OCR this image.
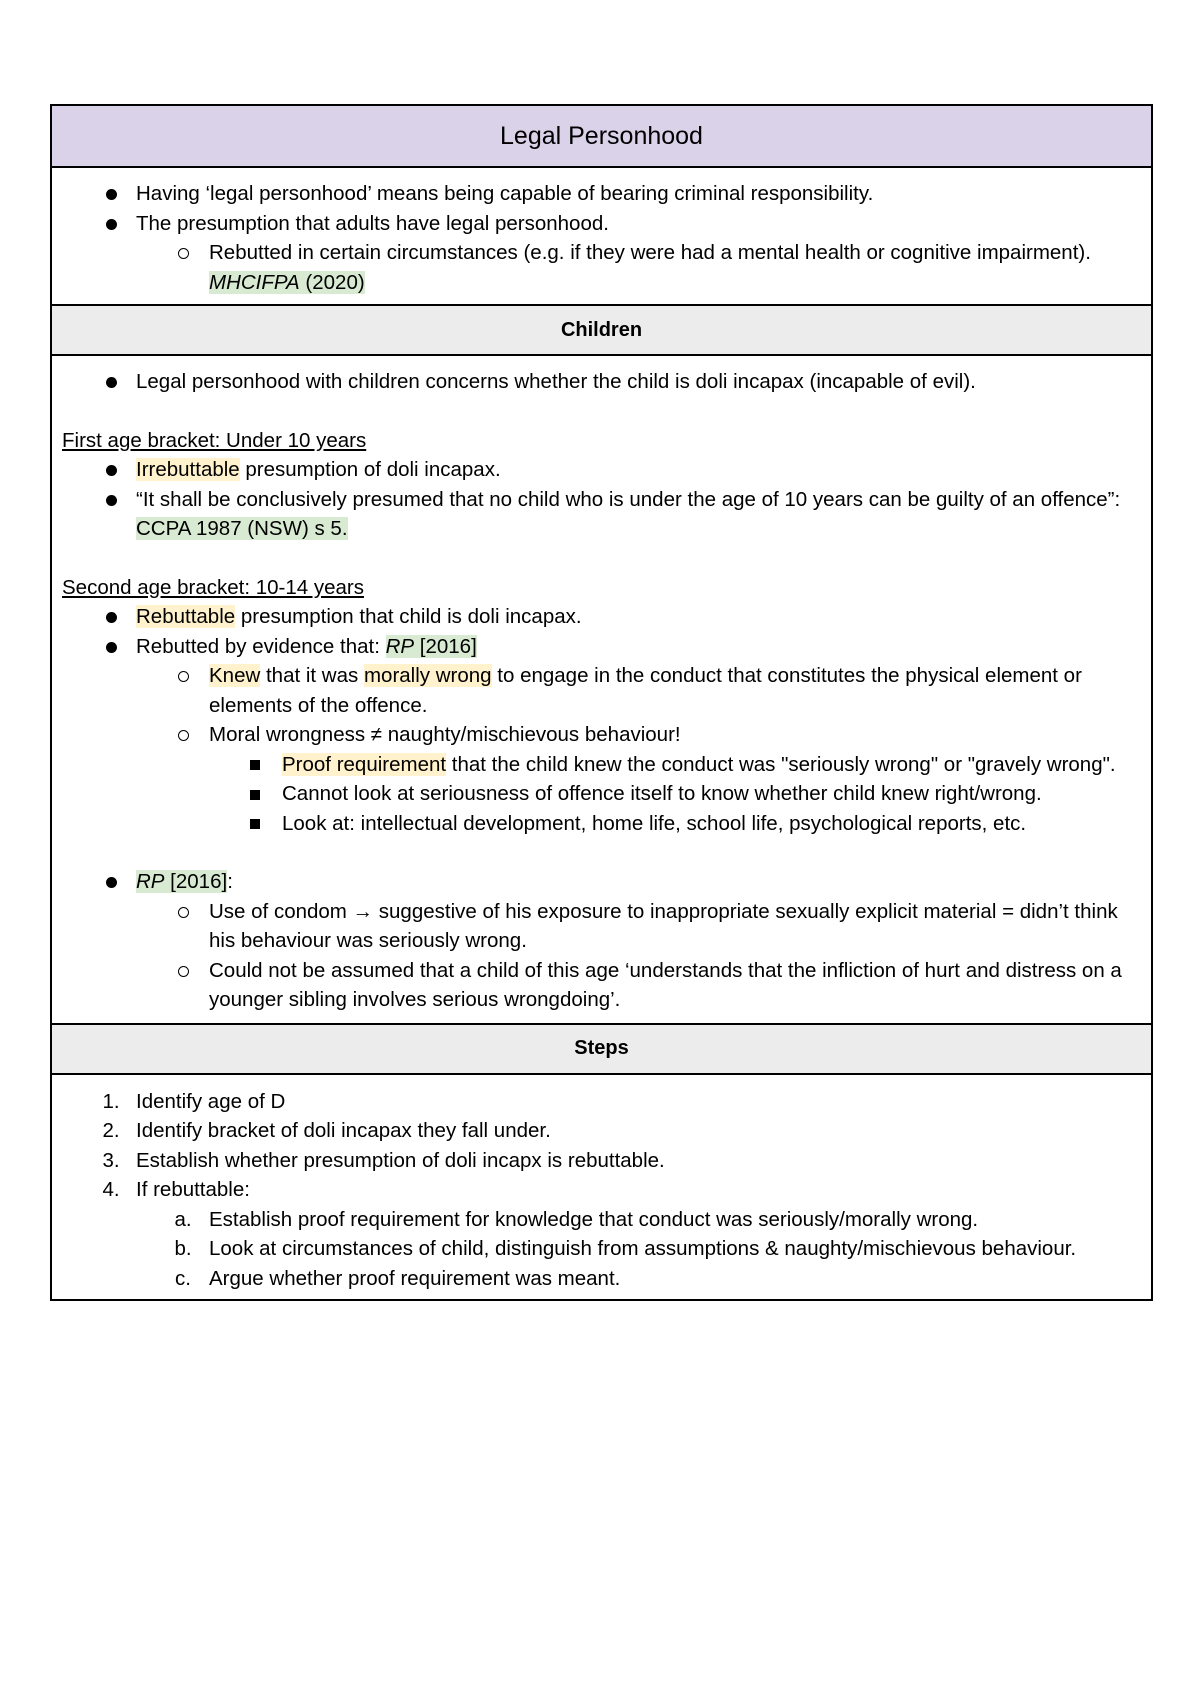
Legal Personhood
Having ‘legal personhood’ means being capable of bearing criminal responsibility.
The presumption that adults have legal personhood.
Rebutted in certain circumstances (e.g. if they were had a mental health or cognitive impairment). MHCIFPA (2020)
Children
Legal personhood with children concerns whether the child is doli incapax (incapable of evil).
First age bracket: Under 10 years
Irrebuttable presumption of doli incapax.
“It shall be conclusively presumed that no child who is under the age of 10 years can be guilty of an offence”: CCPA 1987 (NSW) s 5.
Second age bracket: 10-14 years
Rebuttable presumption that child is doli incapax.
Rebutted by evidence that: RP [2016]
Knew that it was morally wrong to engage in the conduct that constitutes the physical element or elements of the offence.
Moral wrongness ≠ naughty/mischievous behaviour!
Proof requirement that the child knew the conduct was "seriously wrong" or "gravely wrong".
Cannot look at seriousness of offence itself to know whether child knew right/wrong.
Look at: intellectual development, home life, school life, psychological reports, etc.
RP [2016]:
Use of condom → suggestive of his exposure to inappropriate sexually explicit material = didn’t think his behaviour was seriously wrong.
Could not be assumed that a child of this age ‘understands that the infliction of hurt and distress on a younger sibling involves serious wrongdoing’.
Steps
1. Identify age of D
2. Identify bracket of doli incapax they fall under.
3. Establish whether presumption of doli incapx is rebuttable.
4. If rebuttable:
a. Establish proof requirement for knowledge that conduct was seriously/morally wrong.
b. Look at circumstances of child, distinguish from assumptions & naughty/mischievous behaviour.
c. Argue whether proof requirement was meant.
